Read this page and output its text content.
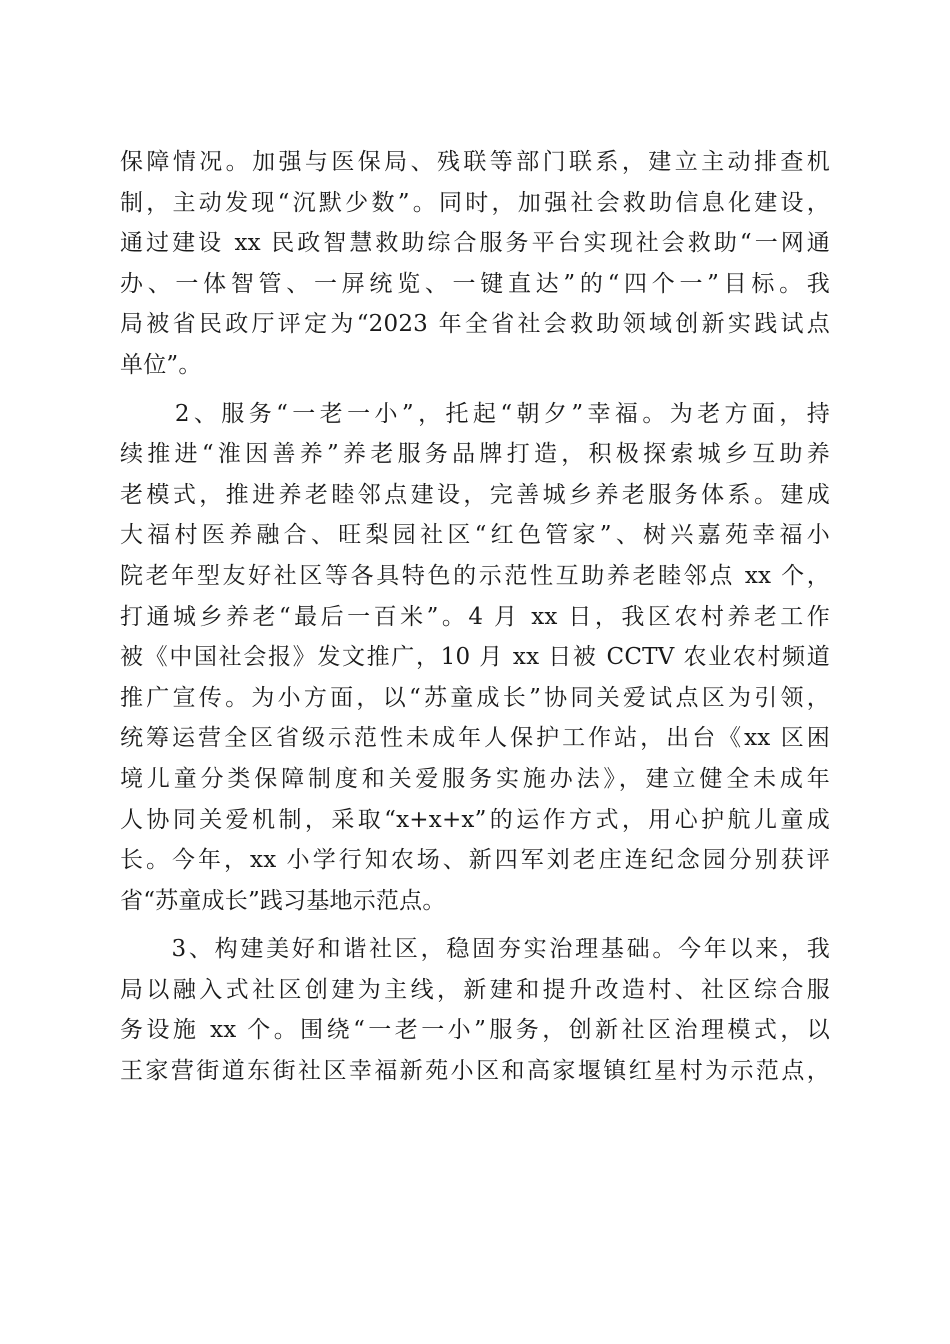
保障情况。加强与医保局、残联等部门联系，建立主动排查机
制，主动发现“沉默少数”。同时，加强社会救助信息化建设，
通过建设 xx 民政智慧救助综合服务平台实现社会救助“一网通
办、一体智管、一屏统览、一键直达”的“四个一”目标。我
局被省民政厅评定为“2023 年全省社会救助领域创新实践试点
单位”。
　　2、服务“一老一小”，托起“朝夕”幸福。为老方面，持
续推进“淮因善养”养老服务品牌打造，积极探索城乡互助养
老模式，推进养老睦邻点建设，完善城乡养老服务体系。建成
大福村医养融合、旺梨园社区“红色管家”、树兴嘉苑幸福小
院老年型友好社区等各具特色的示范性互助养老睦邻点 xx 个，
打通城乡养老“最后一百米”。4 月 xx 日，我区农村养老工作
被《中国社会报》发文推广，10 月 xx 日被 CCTV 农业农村频道
推广宣传。为小方面，以“苏童成长”协同关爱试点区为引领，
统筹运营全区省级示范性未成年人保护工作站，出台《xx 区困
境儿童分类保障制度和关爱服务实施办法》，建立健全未成年
人协同关爱机制，采取“x+x+x”的运作方式，用心护航儿童成
长。今年，xx 小学行知农场、新四军刘老庄连纪念园分别获评
省“苏童成长”践习基地示范点。
　　3、构建美好和谐社区，稳固夯实治理基础。今年以来，我
局以融入式社区创建为主线，新建和提升改造村、社区综合服
务设施 xx 个。围绕“一老一小”服务，创新社区治理模式，以
王家营街道东街社区幸福新苑小区和高家堰镇红星村为示范点，
